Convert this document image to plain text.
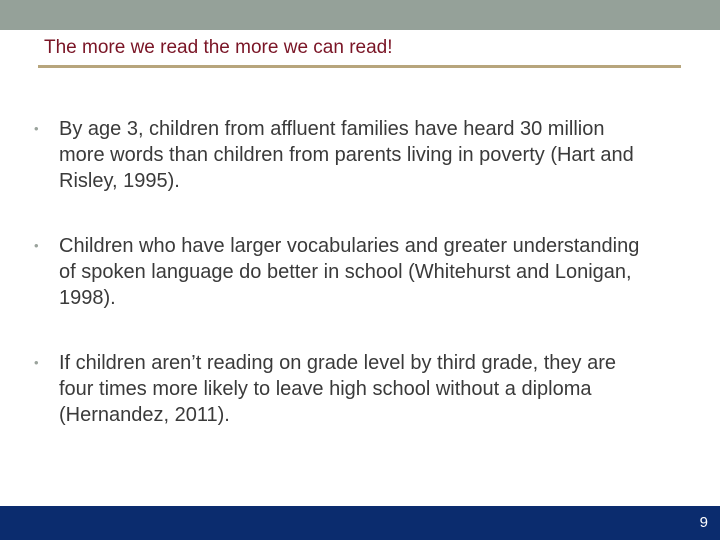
The more we read the more we can read!
• By age 3, children from affluent families have heard 30 million more words than children from parents living in poverty (Hart and Risley, 1995).
• Children who have larger vocabularies and greater understanding of spoken language do better in school (Whitehurst and Lonigan, 1998).
• If children aren’t reading on grade level by third grade, they are four times more likely to leave high school without a diploma (Hernandez, 2011).
9
